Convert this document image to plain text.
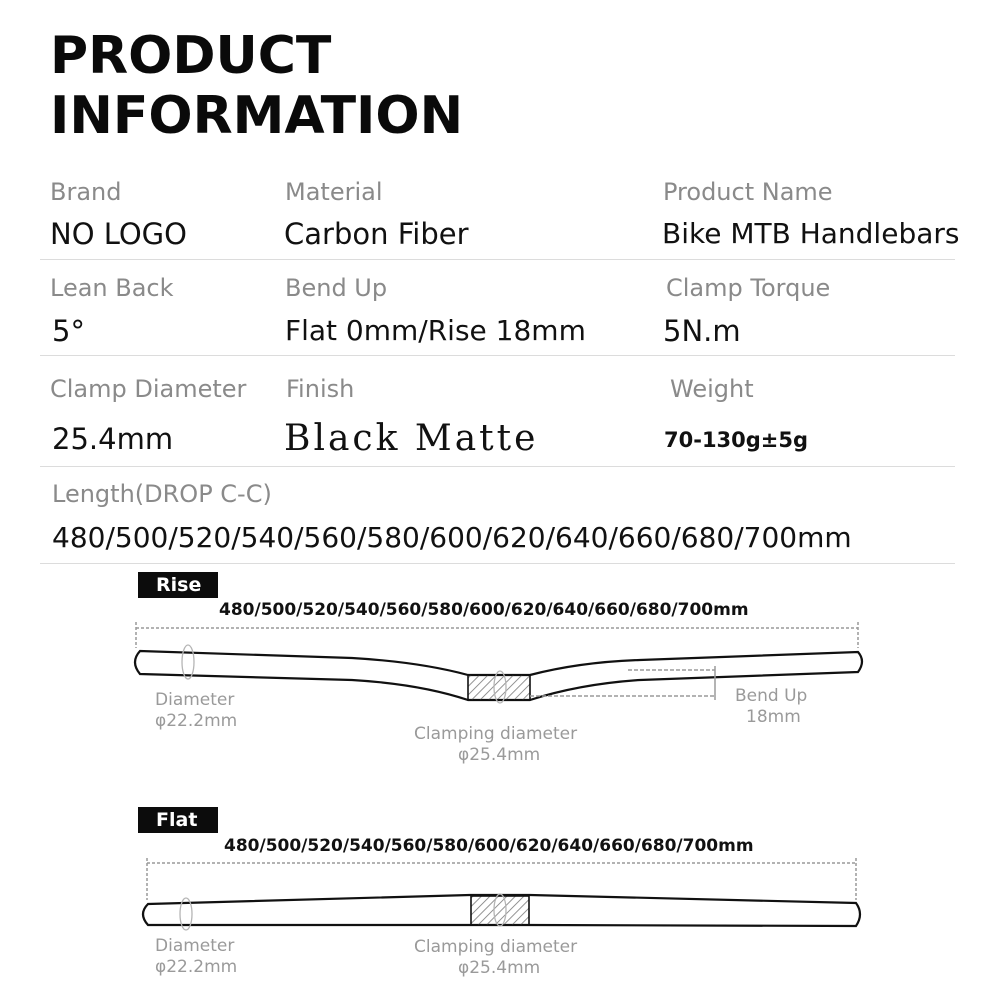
PRODUCT
INFORMATION
Brand
NO LOGO
Material
Carbon Fiber
Product Name
Bike MTB Handlebars
Lean Back
5°
Bend Up
Flat 0mm/Rise 18mm
Clamp Torque
5N.m
Clamp Diameter
25.4mm
Finish
Black Matte
Weight
70-130g±5g
Length(DROP C-C)
480/500/520/540/560/580/600/620/640/660/680/700mm
Rise
480/500/520/540/560/580/600/620/640/660/680/700mm
Diameter
φ22.2mm
Clamping diameter
φ25.4mm
Bend Up
18mm
Flat
480/500/520/540/560/580/600/620/640/660/680/700mm
Diameter
φ22.2mm
Clamping diameter
φ25.4mm
